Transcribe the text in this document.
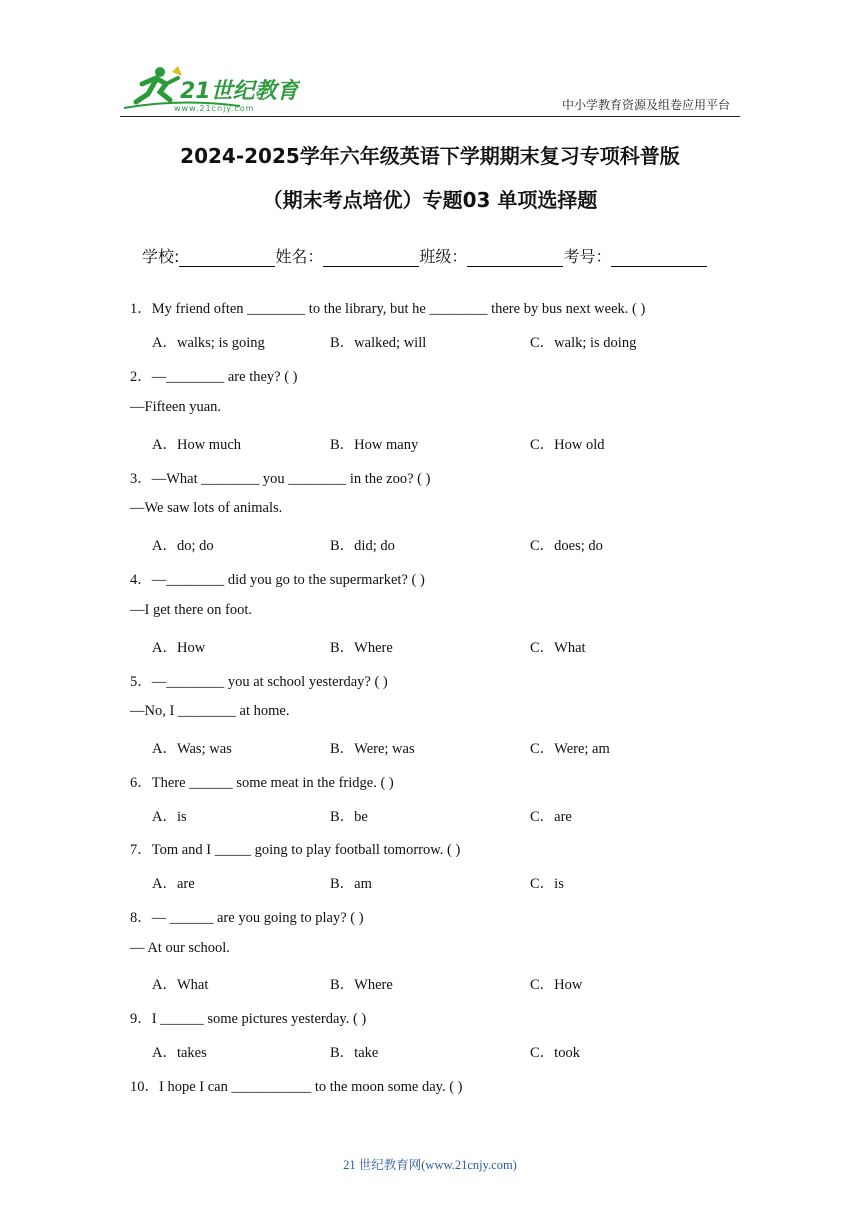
21世纪教育
www.21cnjy.com	中小学教育资源及组卷应用平台
2024-2025学年六年级英语下学期期末复习专项科普版
（期末考点培优）专题03 单项选择题
学校:	姓名：	班级：	考号：
1．My friend often ________ to the library, but he ________ there by bus next week. ( )
A．walks; is going	B．walked; will	C．walk; is doing
2．—________ are they? ( )
—Fifteen yuan.
A．How much	B．How many	C．How old
3．—What ________ you ________ in the zoo? ( )
—We saw lots of animals.
A．do; do	B．did; do	C．does; do
4．—________ did you go to the supermarket? ( )
—I get there on foot.
A．How	B．Where	C．What
5．—________ you at school yesterday? ( )
—No, I ________ at home.
A．Was; was	B．Were; was	C．Were; am
6．There ______ some meat in the fridge. ( )
A．is	B．be	C．are
7．Tom and I _____ going to play football tomorrow. ( )
A．are	B．am	C．is
8．— ______ are you going to play? ( )
— At our school.
A．What	B．Where	C．How
9．I ______ some pictures yesterday. ( )
A．takes	B．take	C．took
10．I hope I can ___________ to the moon some day. ( )
21 世纪教育网(www.21cnjy.com)
